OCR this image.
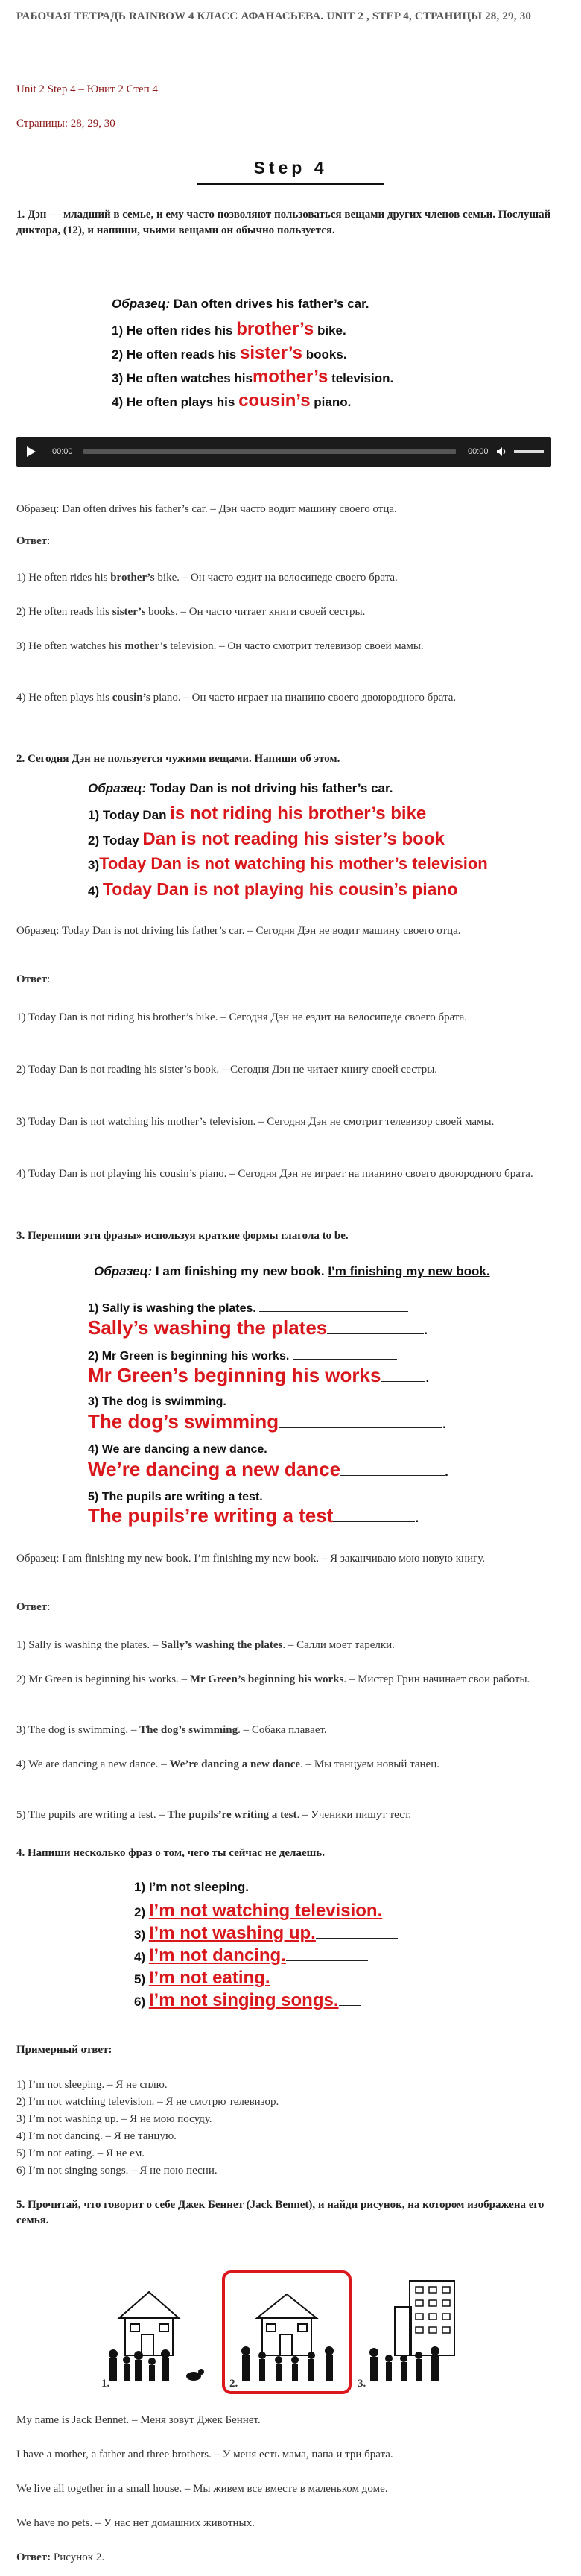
РАБОЧАЯ ТЕТРАДЬ RAINBOW 4 КЛАСС АФАНАСЬЕВА. UNIT 2 , STEP 4, СТРАНИЦЫ 28, 29, 30
Unit 2 Step 4 – Юнит 2 Степ 4
Страницы: 28, 29, 30
Step 4
1. Дэн — младший в семье, и ему часто позволяют пользоваться вещами других членов семьи. Послушай диктора, (12), и напиши, чьими вещами он обычно пользуется.
Образец: Dan often drives his father’s car.
1) He often rides his brother’s bike.
2) He often reads his sister’s books.
3) He often watches hismother’s television.
4) He often plays his cousin’s piano.
00:00	00:00
Образец: Dan often drives his father’s car. – Дэн часто водит машину своего отца.
Ответ:
1) He often rides his brother’s bike. – Он часто ездит на велосипеде своего брата.
2) He often reads his sister’s books. – Он часто читает книги своей сестры.
3) He often watches his mother’s television. – Он часто смотрит телевизор своей мамы.
4) He often plays his cousin’s piano. – Он часто играет на пианино своего двоюродного брата.
2. Сегодня Дэн не пользуется чужими вещами. Напиши об этом.
Образец: Today Dan is not driving his father’s car.
1) Today Dan is not riding his brother’s bike
2) Today Dan is not reading his sister’s book
3)Today Dan is not watching his mother’s television
4) Today Dan is not playing his cousin’s piano
Образец: Today Dan is not driving his father’s car. – Сегодня Дэн не водит машину своего отца.
Ответ:
1) Today Dan is not riding his brother’s bike. – Сегодня Дэн не ездит на велосипеде своего брата.
2) Today Dan is not reading his sister’s book. – Сегодня Дэн не читает книгу своей сестры.
3) Today Dan is not watching his mother’s television. – Сегодня Дэн не смотрит телевизор своей мамы.
4) Today Dan is not playing his cousin’s piano. – Сегодня Дэн не играет на пианино своего двоюродного брата.
3. Перепиши эти фразы» используя краткие формы глагола to be.
Образец: I am finishing my new book. I’m finishing my new book.
1) Sally is washing the plates.
Sally’s washing the plates	.
2) Mr Green is beginning his works.
Mr Green’s beginning his works	.
3) The dog is swimming.
The dog’s swimming	.
4) We are dancing a new dance.
We’re dancing a new dance	.
5) The pupils are writing a test.
The pupils’re writing a test	.
Образец: I am finishing my new book. I’m finishing my new book. – Я заканчиваю мою новую книгу.
Ответ:
1) Sally is washing the plates. – Sally’s washing the plates. – Салли моет тарелки.
2) Mr Green is beginning his works. – Mr Green’s beginning his works. – Мистер Грин начинает свои работы.
3) The dog is swimming. – The dog’s swimming. – Собака плавает.
4) We are dancing a new dance. – We’re dancing a new dance. – Мы танцуем новый танец.
5) The pupils are writing a test. – The pupils’re writing a test. – Ученики пишут тест.
4. Напиши несколько фраз о том, чего ты сейчас не делаешь.
1) I’m not sleeping.
2) I’m not watching television.
3) I’m not washing up.
4) I’m not dancing.
5) I’m not eating.
6) I’m not singing songs.
Примерный ответ:
1) I’m not sleeping. – Я не сплю.
2) I’m not watching television. – Я не смотрю телевизор.
3) I’m not washing up. – Я не мою посуду.
4) I’m not dancing. – Я не танцую.
5) I’m not eating. – Я не ем.
6) I’m not singing songs. – Я не пою песни.
5. Прочитай, что говорит о себе Джек Беннет (Jack Bennet), и найди рисунок, на котором изображена его семья.
1.	2.	3.
My name is Jack Bennet. – Меня зовут Джек Беннет.
I have a mother, a father and three brothers. – У меня есть мама, папа и три брата.
We live all together in a small house. – Мы живем все вместе в маленьком доме.
We have no pets. – У нас нет домашних животных.
Ответ: Рисунок 2.
